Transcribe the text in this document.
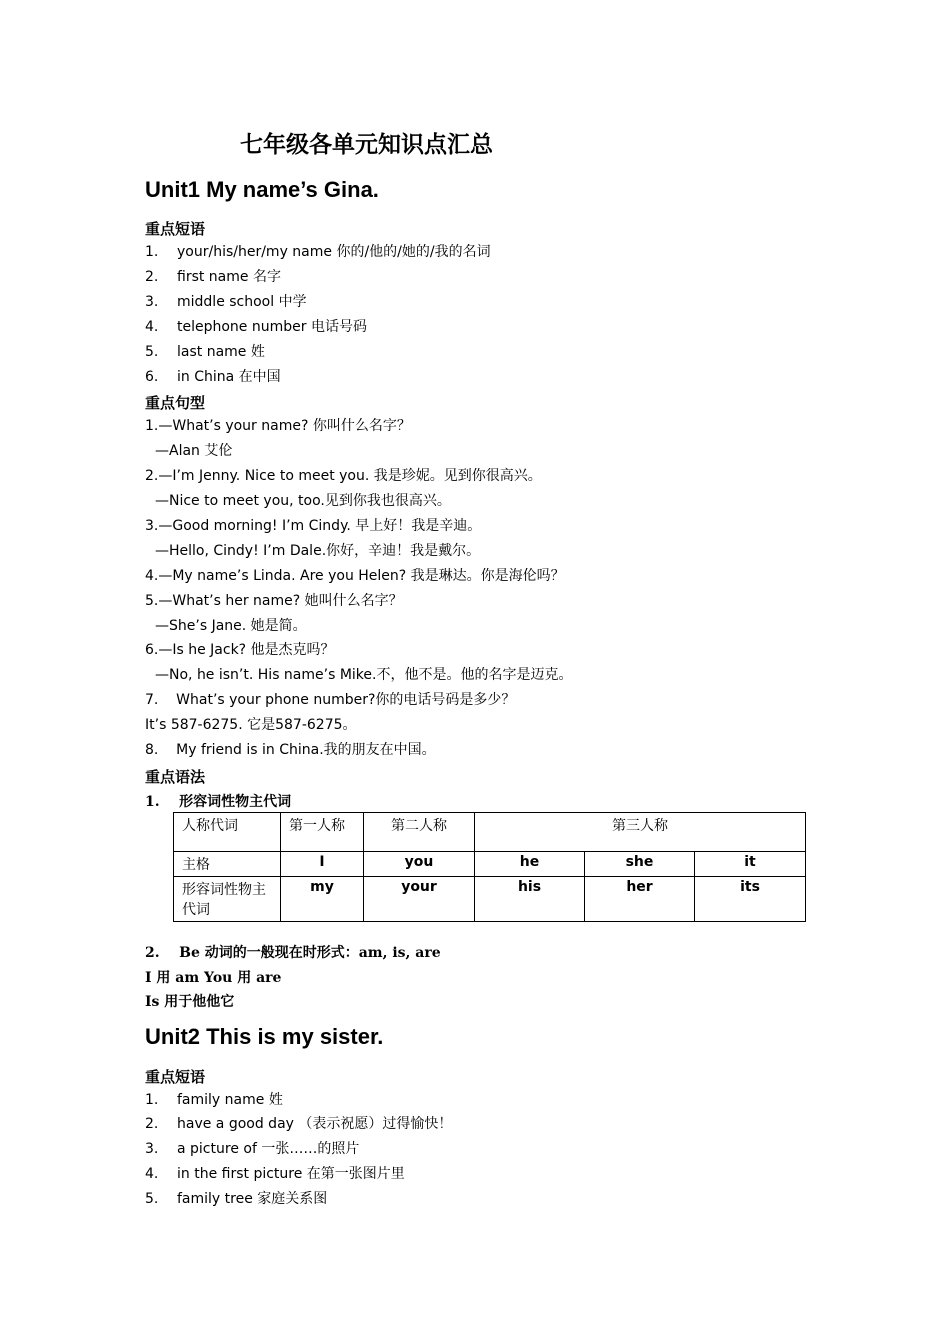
七年级各单元知识点汇总
Unit1 My name’s Gina.
重点短语
1. your/his/her/my name 你的/他的/她的/我的名词
2. first name 名字
3. middle school 中学
4. telephone number 电话号码
5. last name 姓
6. in China 在中国
重点句型
1.—What’s your name? 你叫什么名字？
—Alan 艾伦
2.—I’m Jenny. Nice to meet you. 我是珍妮。见到你很高兴。
—Nice to meet you, too.见到你我也很高兴。
3.—Good morning! I’m Cindy. 早上好！我是辛迪。
—Hello, Cindy! I’m Dale.你好，辛迪！我是戴尔。
4.—My name’s Linda. Are you Helen? 我是琳达。你是海伦吗？
5.—What’s her name? 她叫什么名字？
—She’s Jane. 她是简。
6.—Is he Jack? 他是杰克吗？
—No, he isn’t. His name’s Mike.不，他不是。他的名字是迈克。
7.    What’s your phone number?你的电话号码是多少？
It’s 587-6275. 它是587-6275。
8.    My friend is in China.我的朋友在中国。
重点语法
1.    形容词性物主代词
人称代词	第一人称	第二人称	第三人称		
主格	I	you	he	she	it
形容词性物主代词	my	your	his	her	its
2.    Be 动词的一般现在时形式：am, is, are
I 用 am You 用 are
Is 用于他他它
Unit2 This is my sister.
重点短语
1. family name 姓
2. have a good day （表示祝愿）过得愉快！
3. a picture of 一张……的照片
4. in the first picture 在第一张图片里
5. family tree 家庭关系图
